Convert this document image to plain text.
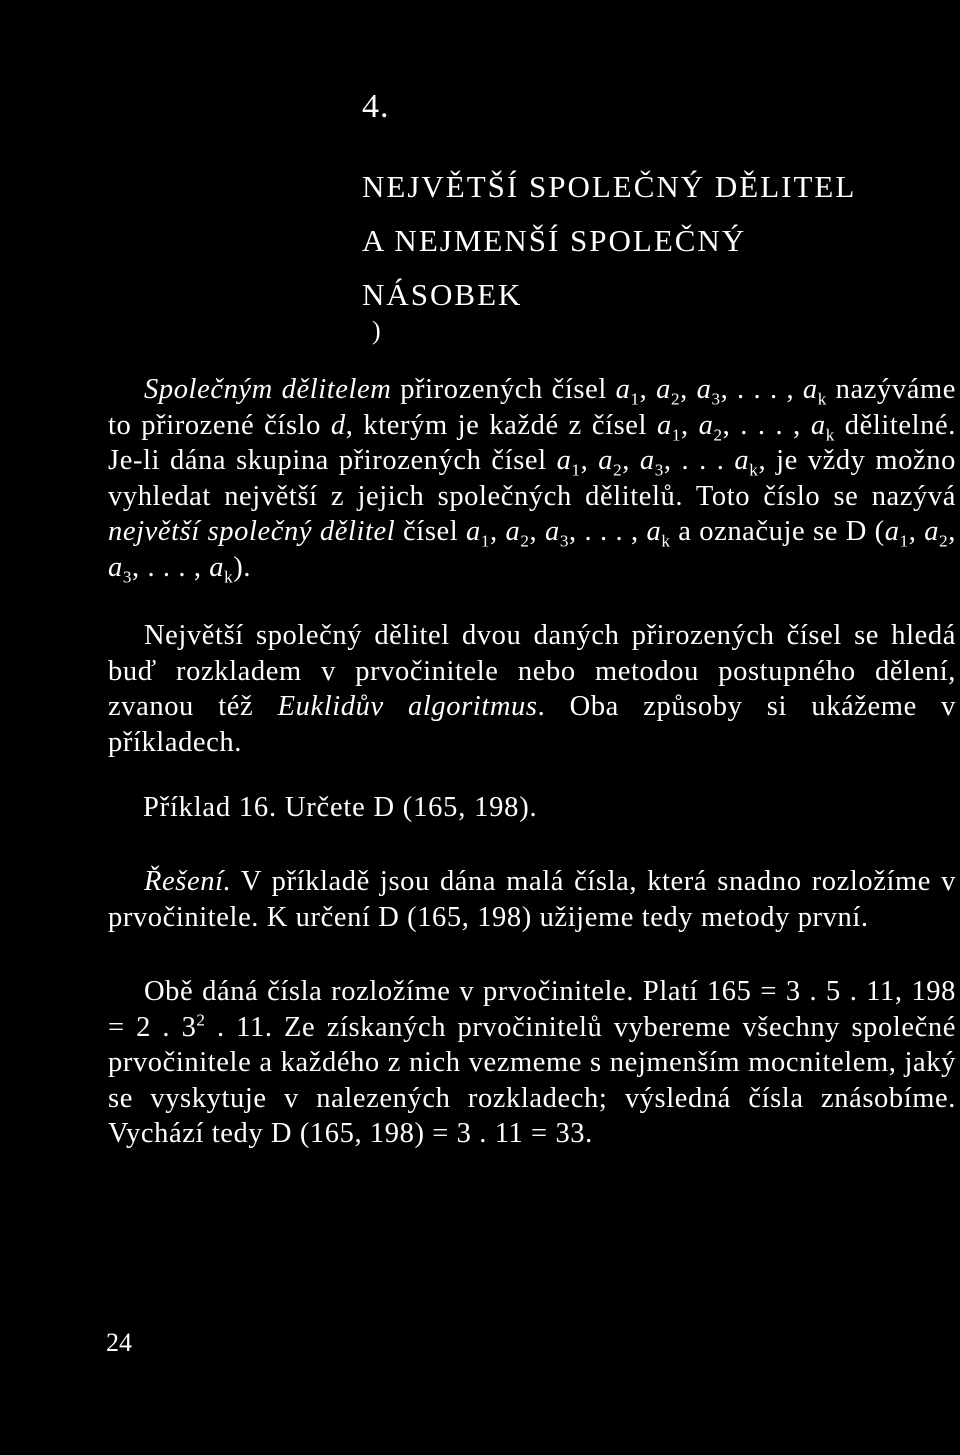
4.
NEJVĚTŠÍ SPOLEČNÝ DĚLITEL
A NEJMENŠÍ SPOLEČNÝ
NÁSOBEK
)

Společným dělitelem přirozených čísel $a_1$, $a_2$, $a_3$, . . . , $a_k$ nazýváme to přirozené číslo d, kterým je každé z čísel $a_1$, $a_2$, . . . , $a_k$ dělitelné. Je-li dána skupina přirozených čísel $a_1$, $a_2$, $a_3$, . . . $a_k$, je vždy možno vyhledat největší z jejich společných dělitelů. Toto číslo se nazývá největší společný dělitel čísel $a_1$, $a_2$, $a_3$, . . . , $a_k$ a označuje se D ($a_1$, $a_2$, $a_3$, . . . , $a_k$).

Největší společný dělitel dvou daných přirozených čísel se hledá buď rozkladem v prvočinitele nebo metodou postupného dělení, zvanou též Euklidův algoritmus. Oba způsoby si ukážeme v příkladech.

Příklad 16. Určete D (165, 198).

Řešení. V příkladě jsou dána malá čísla, která snadno rozložíme v prvočinitele. K určení D (165, 198) užijeme tedy metody první.

Obě dáná čísla rozložíme v prvočinitele. Platí 165 = 3 . 5 . 11, 198 = 2 . $3^2$ . 11. Ze získaných prvočinitelů vybereme všechny společné prvočinitele a každého z nich vezmeme s nejmenším mocnitelem, jaký se vyskytuje v nalezených rozkladech; výsledná čísla znásobíme. Vychází tedy D (165, 198) = 3 . 11 = 33.

24
